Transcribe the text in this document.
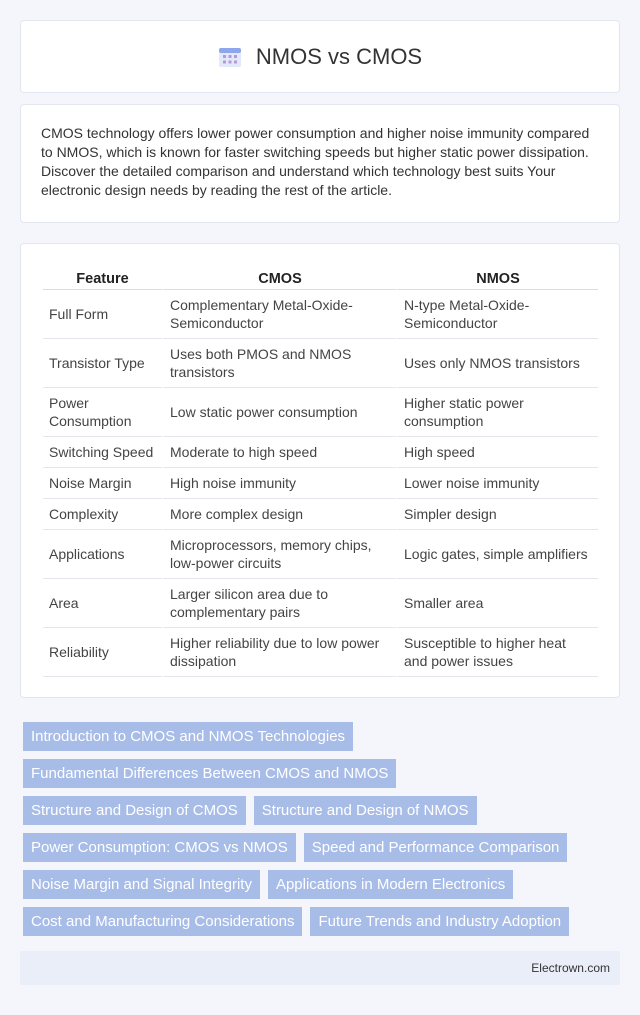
NMOS vs CMOS

CMOS technology offers lower power consumption and higher noise immunity compared to NMOS, which is known for faster switching speeds but higher static power dissipation. Discover the detailed comparison and understand which technology best suits Your electronic design needs by reading the rest of the article.

Feature	CMOS	NMOS
Full Form	Complementary Metal-Oxide-Semiconductor	N-type Metal-Oxide-Semiconductor
Transistor Type	Uses both PMOS and NMOS transistors	Uses only NMOS transistors
Power Consumption	Low static power consumption	Higher static power consumption
Switching Speed	Moderate to high speed	High speed
Noise Margin	High noise immunity	Lower noise immunity
Complexity	More complex design	Simpler design
Applications	Microprocessors, memory chips, low-power circuits	Logic gates, simple amplifiers
Area	Larger silicon area due to complementary pairs	Smaller area
Reliability	Higher reliability due to low power dissipation	Susceptible to higher heat and power issues
Introduction to CMOS and NMOS Technologies
Fundamental Differences Between CMOS and NMOS
Structure and Design of CMOS	Structure and Design of NMOS
Power Consumption: CMOS vs NMOS	Speed and Performance Comparison
Noise Margin and Signal Integrity	Applications in Modern Electronics
Cost and Manufacturing Considerations	Future Trends and Industry Adoption
Electrown.com
